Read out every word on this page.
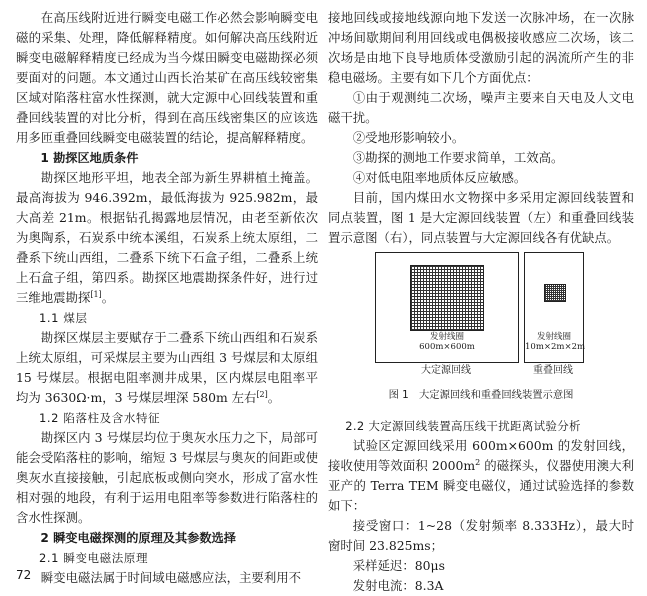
在高压线附近进行瞬变电磁工作必然会影响瞬变电磁的采集、处理，降低解释精度。如何解决高压线附近瞬变电磁解释精度已经成为当今煤田瞬变电磁勘探必须要面对的问题。本文通过山西长治某矿在高压线较密集区域对陷落柱富水性探测，就大定源中心回线装置和重叠回线装置的对比分析，得到在高压线密集区的应该选用多匝重叠回线瞬变电磁装置的结论，提高解释精度。

1 勘探区地质条件

勘探区地形平坦，地表全部为新生界耕植土掩盖。最高海拔为 946.392m，最低海拔为 925.982m，最大高差 21m。根据钻孔揭露地层情况，由老至新依次为奥陶系，石炭系中统本溪组，石炭系上统太原组，二叠系下统山西组，二叠系下统下石盒子组，二叠系上统上石盒子组，第四系。勘探区地震勘探条件好，进行过三维地震勘探[1]。

1.1 煤层

勘探区煤层主要赋存于二叠系下统山西组和石炭系上统太原组，可采煤层主要为山西组 3 号煤层和太原组 15 号煤层。根据电阻率测井成果，区内煤层电阻率平均为 3630Ω·m，3 号煤层埋深 580m 左右[2]。

1.2 陷落柱及含水特征

勘探区内 3 号煤层均位于奥灰水压力之下，局部可能会受陷落柱的影响，缩短 3 号煤层与奥灰的间距或使奥灰水直接接触，引起底板或侧向突水，形成了富水性相对强的地段，有利于运用电阻率等参数进行陷落柱的含水性探测。

2 瞬变电磁探测的原理及其参数选择

2.1 瞬变电磁法原理

瞬变电磁法属于时间域电磁感应法，主要利用不

接地回线或接地线源向地下发送一次脉冲场，在一次脉冲场间歇期间利用回线或电偶极接收感应二次场，该二次场是由地下良导地质体受激励引起的涡流所产生的非稳电磁场。主要有如下几个方面优点：

①由于观测纯二次场，噪声主要来自天电及人文电磁干扰。

②受地形影响较小。

③勘探的测地工作要求简单，工效高。

④对低电阻率地质体反应敏感。

目前，国内煤田水文物探中多采用定源回线装置和同点装置，图 1 是大定源回线装置（左）和重叠回线装置示意图（右），同点装置与大定源回线各有优缺点。

发射线圈
600m×600m
发射线圈
10m×2m×2m
大定源回线	重叠回线

图 1　大定源回线和重叠回线装置示意图

2.2 大定源回线装置高压线干扰距离试验分析

试验区定源回线采用 600m×600m 的发射回线，接收使用等效面积 $2000m^2$ 的磁探头，仪器使用澳大利亚产的 Terra TEM 瞬变电磁仪，通过试验选择的参数如下：

接受窗口：1~28（发射频率 8.333Hz），最大时窗时间 23.825ms；

采样延迟：80μs

发射电流：8.3A

72
